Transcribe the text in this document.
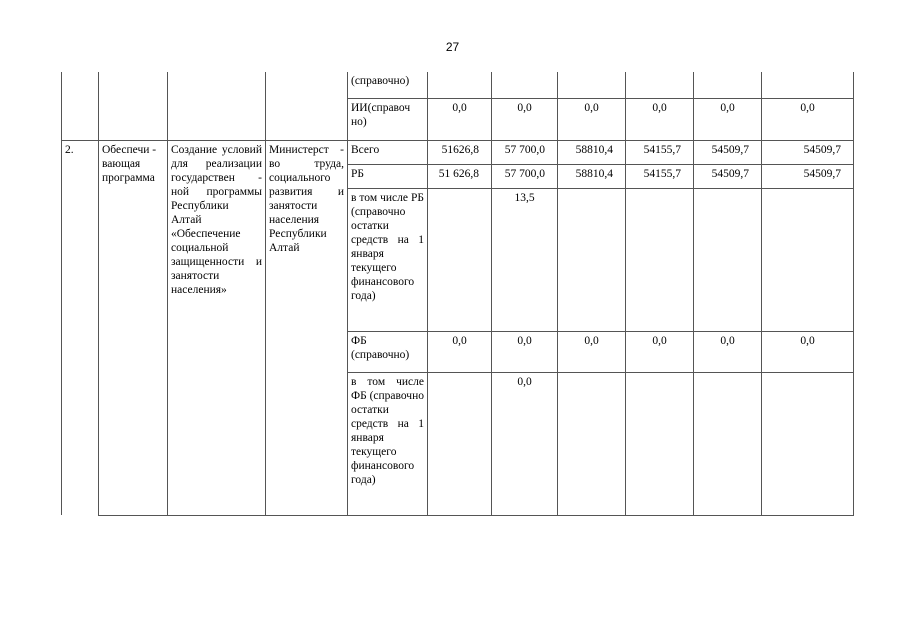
27
				(справочно)						
				ИИ(справоч но)	0,0	0,0	0,0	0,0	0,0	0,0
2.	Обеспечи - вающая программа	Создание условий для реализации государствен - ной программы Республики Алтай «Обеспечение социальной защищенности и занятости населения»	Министерст - во труда, социального развития и занятости населения Республики Алтай	Всего	51626,8	57 700,0	58810,4	54155,7	54509,7	54509,7
				РБ	51 626,8	57 700,0	58810,4	54155,7	54509,7	54509,7
				в том числе РБ (справочно остатки средств на 1 января текущего финансового года)		13,5				
				ФБ (справочно)	0,0	0,0	0,0	0,0	0,0	0,0
				в том числе ФБ (справочно остатки средств на 1 января текущего финансового года)		0,0				
